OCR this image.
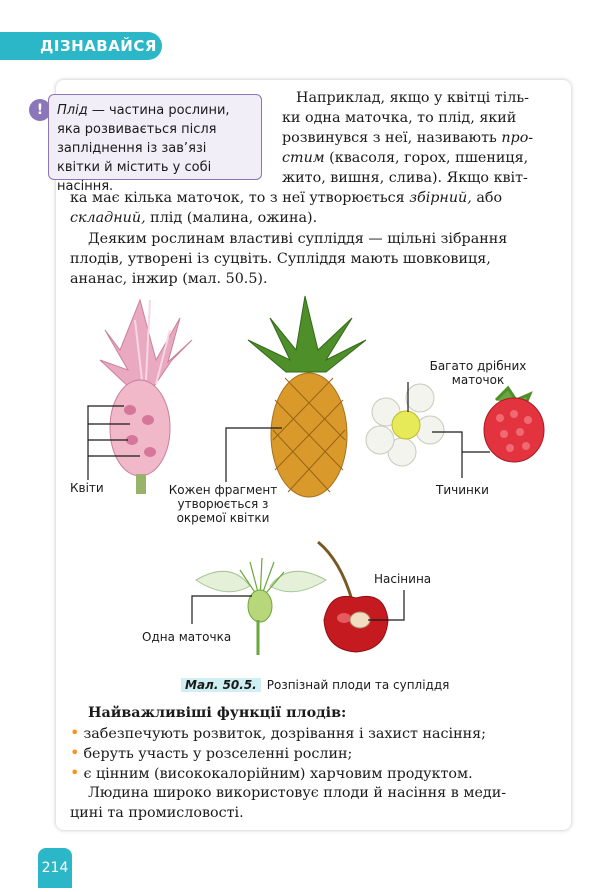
ДІЗНАВАЙСЯ
!	Плід — частина рослини, яка розвивається після запліднення із зав’язі квітки й містить у собі насіння.
Наприклад, якщо у квітці тіль-
ки одна маточка, то плід, який
розвинувся з неї, називають про-
стим (квасоля, горох, пшениця,
жито, вишня, слива). Якщо квіт-
ка має кілька маточок, то з неї утворюється збірний, або
складний, плід (малина, ожина).
Деяким рослинам властиві супліддя — щільні зібрання
плодів, утворені із суцвіть. Супліддя мають шовковиця,
ананас, інжир (мал. 50.5).
Квіти	Кожен фрагмент
утворюється з
окремої квітки
Багато дрібних
маточок
Тичинки
Насінина
Одна маточка
Мал. 50.5. Розпізнай плоди та супліддя
Найважливіші функції плодів:
• забезпечують розвиток, дозрівання і захист насіння;
• беруть участь у розселенні рослин;
• є цінним (висококалорійним) харчовим продуктом.
Людина широко використовує плоди й насіння в меди-
цині та промисловості.
214
